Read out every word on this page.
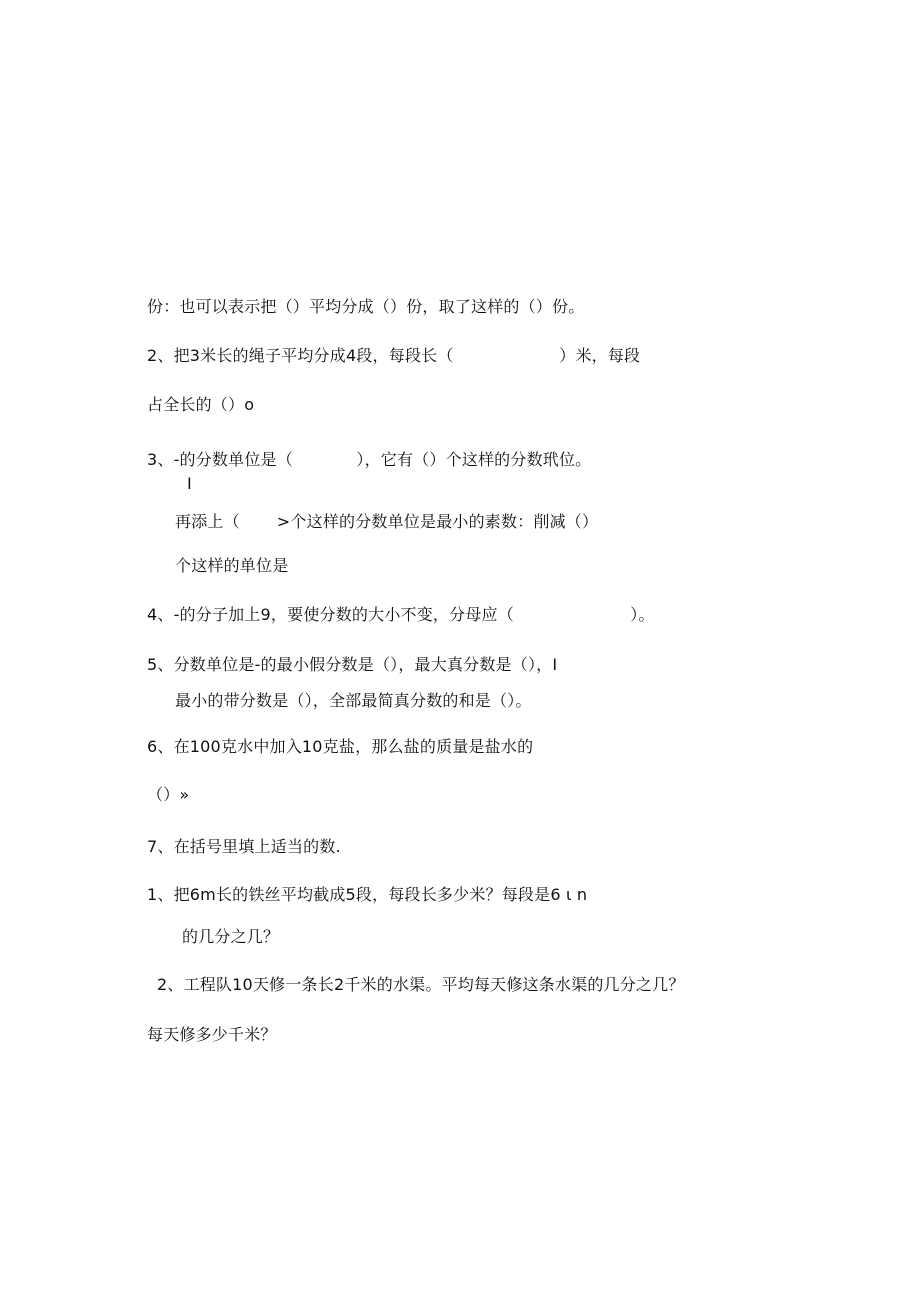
份：也可以表示把（）平均分成（）份，取了这样的（）份。
2、把3米长的绳子平均分成4段，每段长（                    ）米，每段
占全长的（）o
3、-的分数单位是（            ），它有（）个这样的分数玳位。
I
再添上（       >个这样的分数单位是最小的素数：削减（）
个这样的单位是
4、-的分子加上9，要使分数的大小不变，分母应（                      ）。
5、分数单位是-的最小假分数是（），最大真分数是（），I
最小的带分数是（），全部最简真分数的和是（）。
6、在100克水中加入10克盐，那么盐的质量是盐水的
（）»
7、在括号里填上适当的数.
1、把6m长的铁丝平均截成5段，每段长多少米？每段是6 ι n
的几分之几？
2、工程队10天修一条长2千米的水渠。平均每天修这条水渠的几分之几？
每天修多少千米？
